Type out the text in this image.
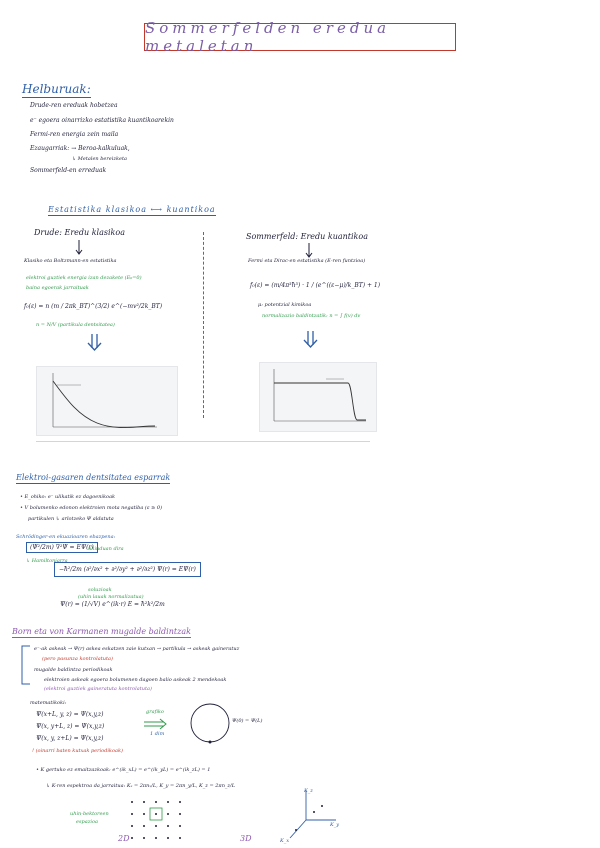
Sommerfelden eredua metaletan
Helburuak:
Drude-ren ereduak hobetzea
e⁻ egoera oinarrizko estatistika kuantikoarekin
Fermi-ren energia zein maila
Ezaugarriak: → Beroa-kalkuluak,
↳ Metalen bereizketa
Sommerfeld-en erreduak
Estatistika klasikoa ⟷ kuantikoa
Drude: Eredu klasikoa
Klasiko eta Boltzmann-en estatistika
elektroi guztiek energia izan dezakete (E₀=0)
baina egoerak jarraituak
f₀(ε) = n (m / 2πk_BT)^(3/2) e^(−mv²/2k_BT)
n = N/V (partikula dentsitatea)
Sommerfeld: Eredu kuantikoa
Fermi eta Dirac-en estatistika (E-ren funtzioa)
f₀(ε) = (m/4π³ħ³) · 1 / (e^((ε−μ)/k_BT) + 1)
μ: potentzial kimikoa
normalizazio baldintzatik: n = ∫ f(v) dv
Elektroi-gasaren dentsitatea esparrak
• E_ohiko: e⁻ ulikatik ez dagoenikoak
• V bolumenko edonon elektroien mota negatiba (ε ≥ 0)
partikulen ↳ arlotzeko Ψ aldatuta
Schrödinger-en ekuazioaren ebazpena:
(Ψ²/2m) ∇²Ψ = EΨ(r)
uhinduan dira
↳ Hamiltoniarra
−ħ²/2m (∂²/∂x² + ∂²/∂y² + ∂²/∂z²) Ψ(r) = EΨ(r)
soluzioak
(uhin lauak normalizatua)
Ψ(r) = (1/√V) e^(ik·r) E = ħ²k²/2m
Born eta von Karmanen mugalde baldintzak
e⁻-ak askeak → Ψ(r) askea eskatzen zaie kutxan → partikula → askeak gaineratuz
(pero pasunza kontrolatuta)
mugalde baldintza periodikoak
elektroien askeak egoera bolumenen dagoen balio askeak 2 mendekoak
(elektroi guztiek gaineratuta kontrolatuta)
matematikoki:
Ψ(x+L, y, z) = Ψ(x,y,z)
Ψ(x, y+L, z) = Ψ(x,y,z)
Ψ(x, y, z+L) = Ψ(x,y,z)
grafiko
1 dim
Ψ(0) = Ψ(L)
! (oinarri baten kutxak periodikoak)
• K gertuko ez emaitzazkoak: e^(ik_xL) = e^(ik_yL) = e^(ik_zL) = 1
↳ K-ren espektroa da jarraitua: Kₓ = 2πnₓ/L, K_y = 2πn_y/L, K_z = 2πn_z/L
uhin-bektoreen
espazioa
2D	3D
K_z
K_y
K_x
